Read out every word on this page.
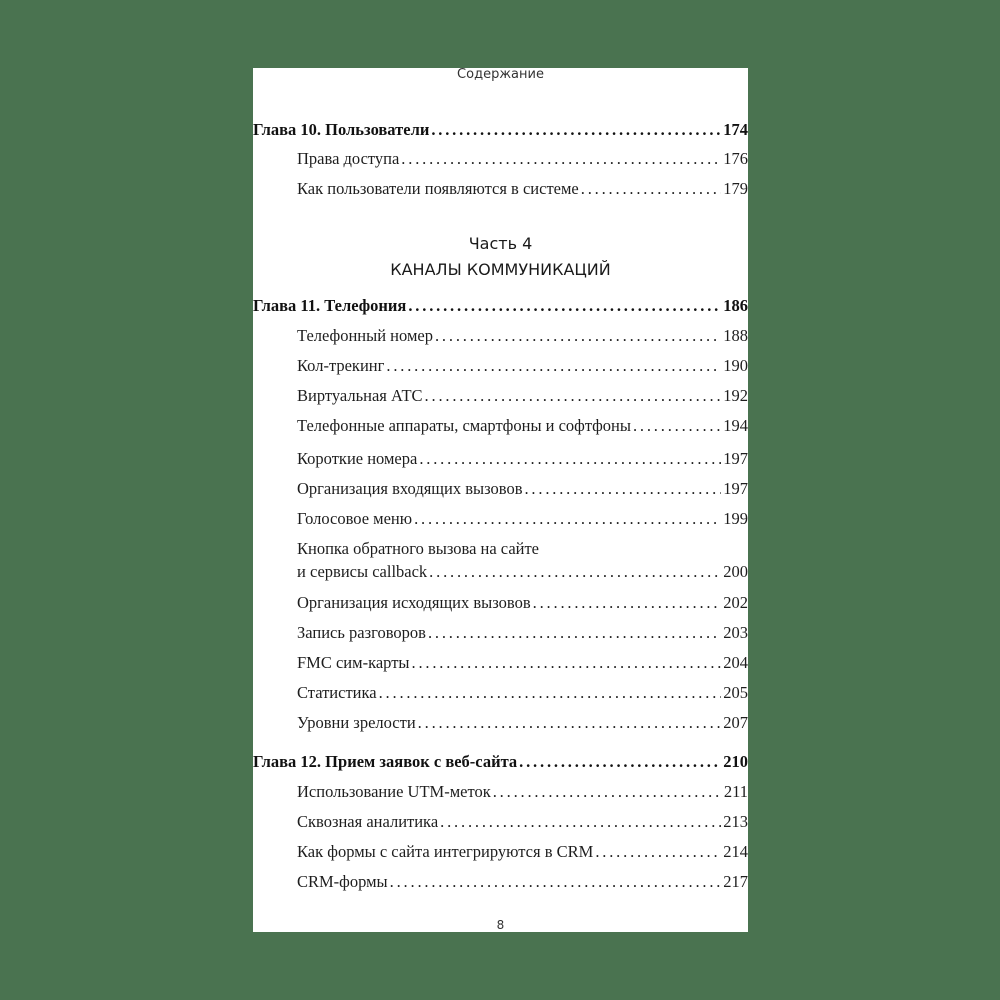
Содержание
Глава 10. Пользователи . . .	174
Права доступа . . .	176
Как пользователи появляются в системе . . .	179
Часть 4
КАНАЛЫ КОММУНИКАЦИЙ
Глава 11. Телефония . . .	186
Телефонный номер . . .	188
Кол-трекинг . . .	190
Виртуальная АТС . . .	192
Телефонные аппараты, смартфоны и софтфоны . . .	194
Короткие номера . . .	197
Организация входящих вызовов . . .	197
Голосовое меню . . .	199
Кнопка обратного вызова на сайте
и сервисы callback . . .	200
Организация исходящих вызовов . . .	202
Запись разговоров . . .	203
FMC сим-карты . . .	204
Статистика . . .	205
Уровни зрелости . . .	207
Глава 12. Прием заявок с веб-сайта . . .	210
Использование UTM-меток . . .	211
Сквозная аналитика . . .	213
Как формы с сайта интегрируются в CRM . . .	214
CRM-формы . . .	217
8
